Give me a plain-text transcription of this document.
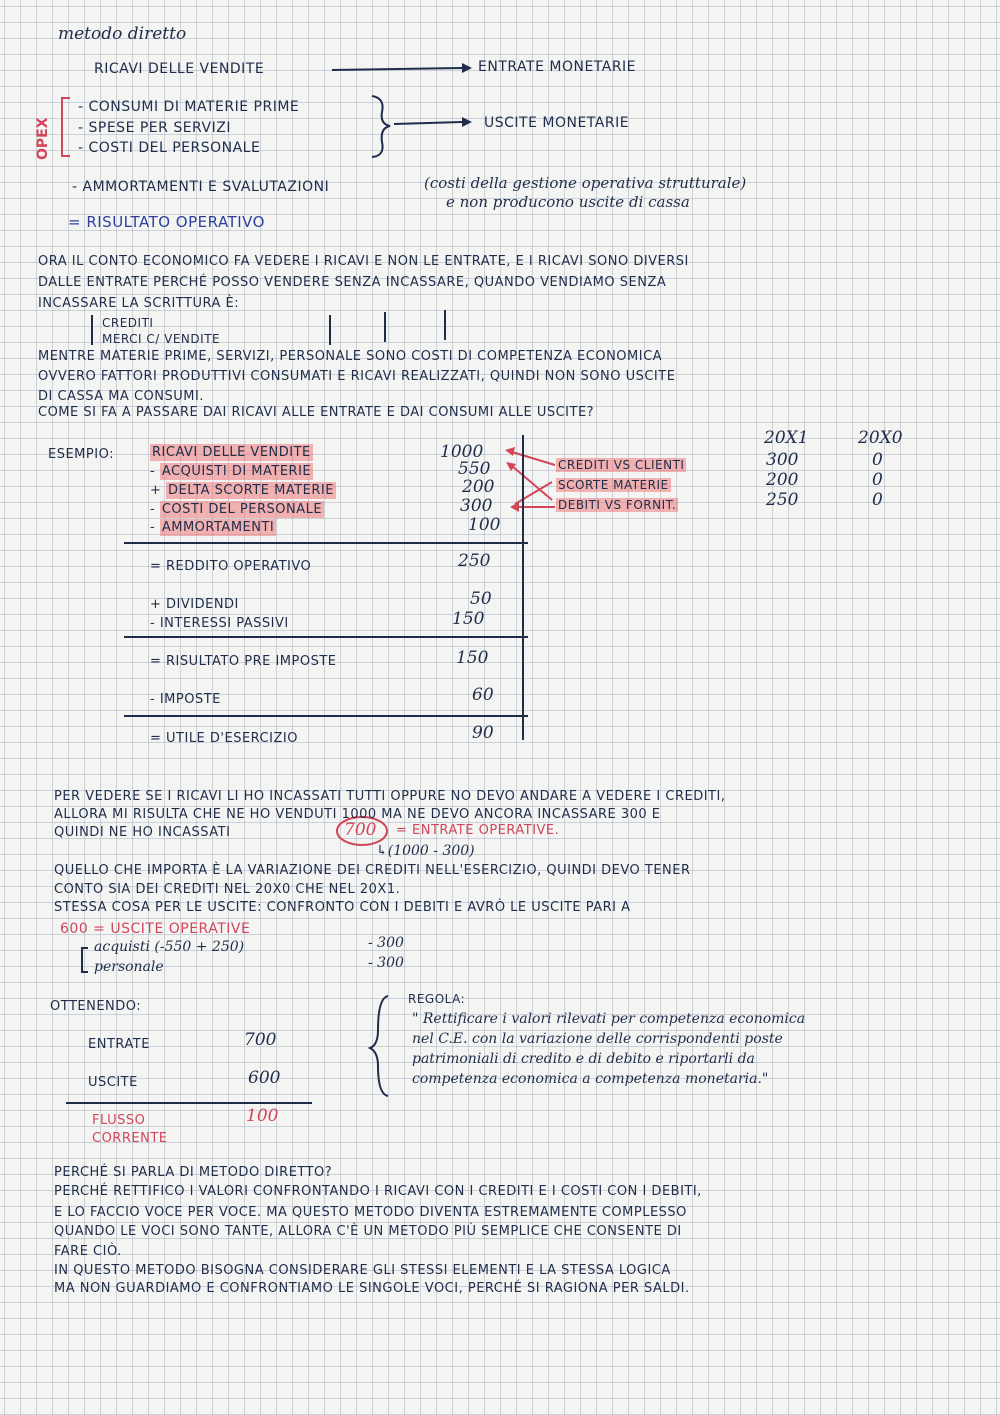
metodo diretto
RICAVI DELLE VENDITE	ENTRATE MONETARIE
OPEX
- CONSUMI DI MATERIE PRIME
- SPESE PER SERVIZI
- COSTI DEL PERSONALE
USCITE MONETARIE
- AMMORTAMENTI E SVALUTAZIONI	(costi della gestione operativa strutturale)
e non producono uscite di cassa
= RISULTATO OPERATIVO
ORA IL CONTO ECONOMICO FA VEDERE I RICAVI E NON LE ENTRATE, E I RICAVI SONO DIVERSI
DALLE ENTRATE PERCHÉ POSSO VENDERE SENZA INCASSARE, QUANDO VENDIAMO SENZA
INCASSARE LA SCRITTURA È:
CREDITI
MERCI C/ VENDITE
MENTRE MATERIE PRIME, SERVIZI, PERSONALE SONO COSTI DI COMPETENZA ECONOMICA
OVVERO FATTORI PRODUTTIVI CONSUMATI E RICAVI REALIZZATI, QUINDI NON SONO USCITE
DI CASSA MA CONSUMI.
COME SI FA A PASSARE DAI RICAVI ALLE ENTRATE E DAI CONSUMI ALLE USCITE?
ESEMPIO:
20X1	20X0
RICAVI DELLE VENDITE	1000
- ACQUISTI DI MATERIE	550
+ DELTA SCORTE MATERIE	200
- COSTI DEL PERSONALE	300
- AMMORTAMENTI	100
= REDDITO OPERATIVO	250
+ DIVIDENDI	50
- INTERESSI PASSIVI	150
= RISULTATO PRE IMPOSTE	150
- IMPOSTE	60
= UTILE D'ESERCIZIO	90
CREDITI VS CLIENTI	300	0
SCORTE MATERIE	200	0
DEBITI VS FORNIT.	250	0
PER VEDERE SE I RICAVI LI HO INCASSATI TUTTI OPPURE NO DEVO ANDARE A VEDERE I CREDITI,
ALLORA MI RISULTA CHE NE HO VENDUTI 1000 MA NE DEVO ANCORA INCASSARE 300 E
QUINDI NE HO INCASSATI	700 = ENTRATE OPERATIVE.
↳(1000 - 300)
QUELLO CHE IMPORTA È LA VARIAZIONE DEI CREDITI NELL'ESERCIZIO, QUINDI DEVO TENER
CONTO SIA DEI CREDITI NEL 20X0 CHE NEL 20X1.
STESSA COSA PER LE USCITE: CONFRONTO CON I DEBITI E AVRÒ LE USCITE PARI A
600 = USCITE OPERATIVE
acquisti (-550 + 250)	- 300
personale	- 300
OTTENENDO:
ENTRATE	700
USCITE	600
FLUSSO
CORRENTE
100
REGOLA:
" Rettificare i valori rilevati per competenza economica
nel C.E. con la variazione delle corrispondenti poste
patrimoniali di credito e di debito e riportarli da
competenza economica a competenza monetaria."
PERCHÉ SI PARLA DI METODO DIRETTO?
PERCHÉ RETTIFICO I VALORI CONFRONTANDO I RICAVI CON I CREDITI E I COSTI CON I DEBITI,
E LO FACCIO VOCE PER VOCE. MA QUESTO METODO DIVENTA ESTREMAMENTE COMPLESSO
QUANDO LE VOCI SONO TANTE, ALLORA C'È UN METODO PIÙ SEMPLICE CHE CONSENTE DI
FARE CIÒ.
IN QUESTO METODO BISOGNA CONSIDERARE GLI STESSI ELEMENTI E LA STESSA LOGICA
MA NON GUARDIAMO E CONFRONTIAMO LE SINGOLE VOCI, PERCHÉ SI RAGIONA PER SALDI.
